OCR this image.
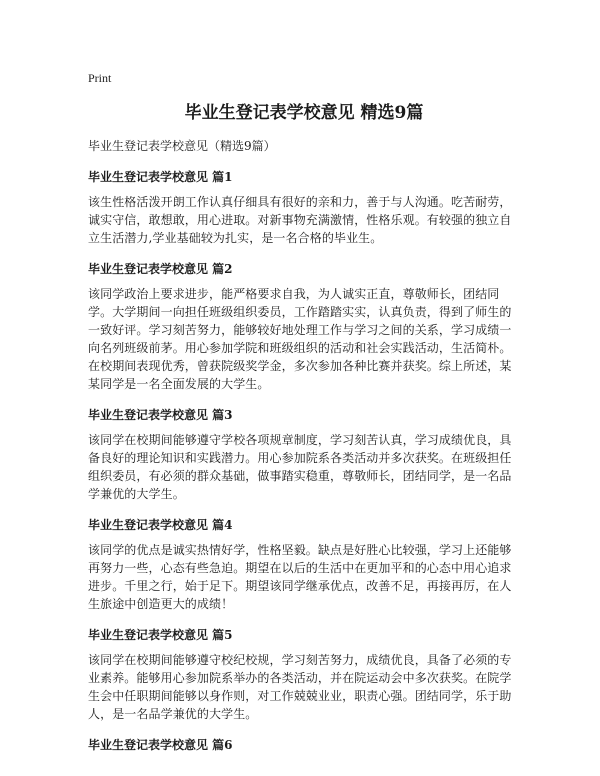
Print
毕业生登记表学校意见 精选9篇
毕业生登记表学校意见（精选9篇）
毕业生登记表学校意见 篇1
该生性格活泼开朗工作认真仔细具有很好的亲和力，善于与人沟通。吃苦耐劳，诚实守信，敢想敢，用心进取。对新事物充满激情，性格乐观。有较强的独立自立生活潜力,学业基础较为扎实，是一名合格的毕业生。
毕业生登记表学校意见 篇2
该同学政治上要求进步，能严格要求自我，为人诚实正直，尊敬师长，团结同学。大学期间一向担任班级组织委员，工作踏踏实实，认真负责，得到了师生的一致好评。学习刻苦努力，能够较好地处理工作与学习之间的关系，学习成绩一向名列班级前茅。用心参加学院和班级组织的活动和社会实践活动，生活简朴。在校期间表现优秀，曾获院级奖学金，多次参加各种比赛并获奖。综上所述，某某同学是一名全面发展的大学生。
毕业生登记表学校意见 篇3
该同学在校期间能够遵守学校各项规章制度，学习刻苦认真，学习成绩优良，具备良好的理论知识和实践潜力。用心参加院系各类活动并多次获奖。在班级担任组织委员，有必须的群众基础，做事踏实稳重，尊敬师长，团结同学，是一名品学兼优的大学生。
毕业生登记表学校意见 篇4
该同学的优点是诚实热情好学，性格坚毅。缺点是好胜心比较强，学习上还能够再努力一些，心态有些急迫。期望在以后的生活中在更加平和的心态中用心追求进步。千里之行，始于足下。期望该同学继承优点，改善不足，再接再厉，在人生旅途中创造更大的成绩！
毕业生登记表学校意见 篇5
该同学在校期间能够遵守校纪校规，学习刻苦努力，成绩优良，具备了必须的专业素养。能够用心参加院系举办的各类活动，并在院运动会中多次获奖。在院学生会中任职期间能够以身作则，对工作兢兢业业，职责心强。团结同学，乐于助人，是一名品学兼优的大学生。
毕业生登记表学校意见 篇6
